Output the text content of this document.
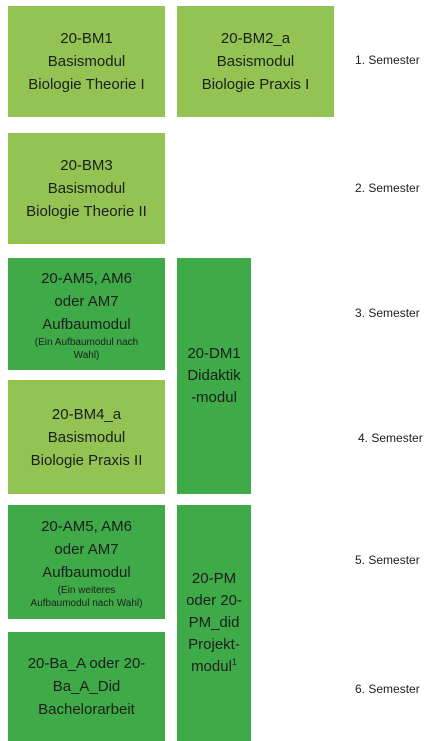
20-BM1
Basismodul
Biologie Theorie I
20-BM2_a
Basismodul
Biologie Praxis I
20-BM3
Basismodul
Biologie Theorie II
20-AM5, AM6
oder AM7
Aufbaumodul
(Ein Aufbaumodul nach
Wahl)
20-BM4_a
Basismodul
Biologie Praxis II
20-AM5, AM6
oder AM7
Aufbaumodul
(Ein weiteres
Aufbaumodul nach Wahl)
20-Ba_A oder 20-
Ba_A_Did
Bachelorarbeit
20-DM1
Didaktik
-modul
20-PM
oder 20-
PM_did
Projekt-
modul$^1$
1. Semester
2. Semester
3. Semester
4. Semester
5. Semester
6. Semester
